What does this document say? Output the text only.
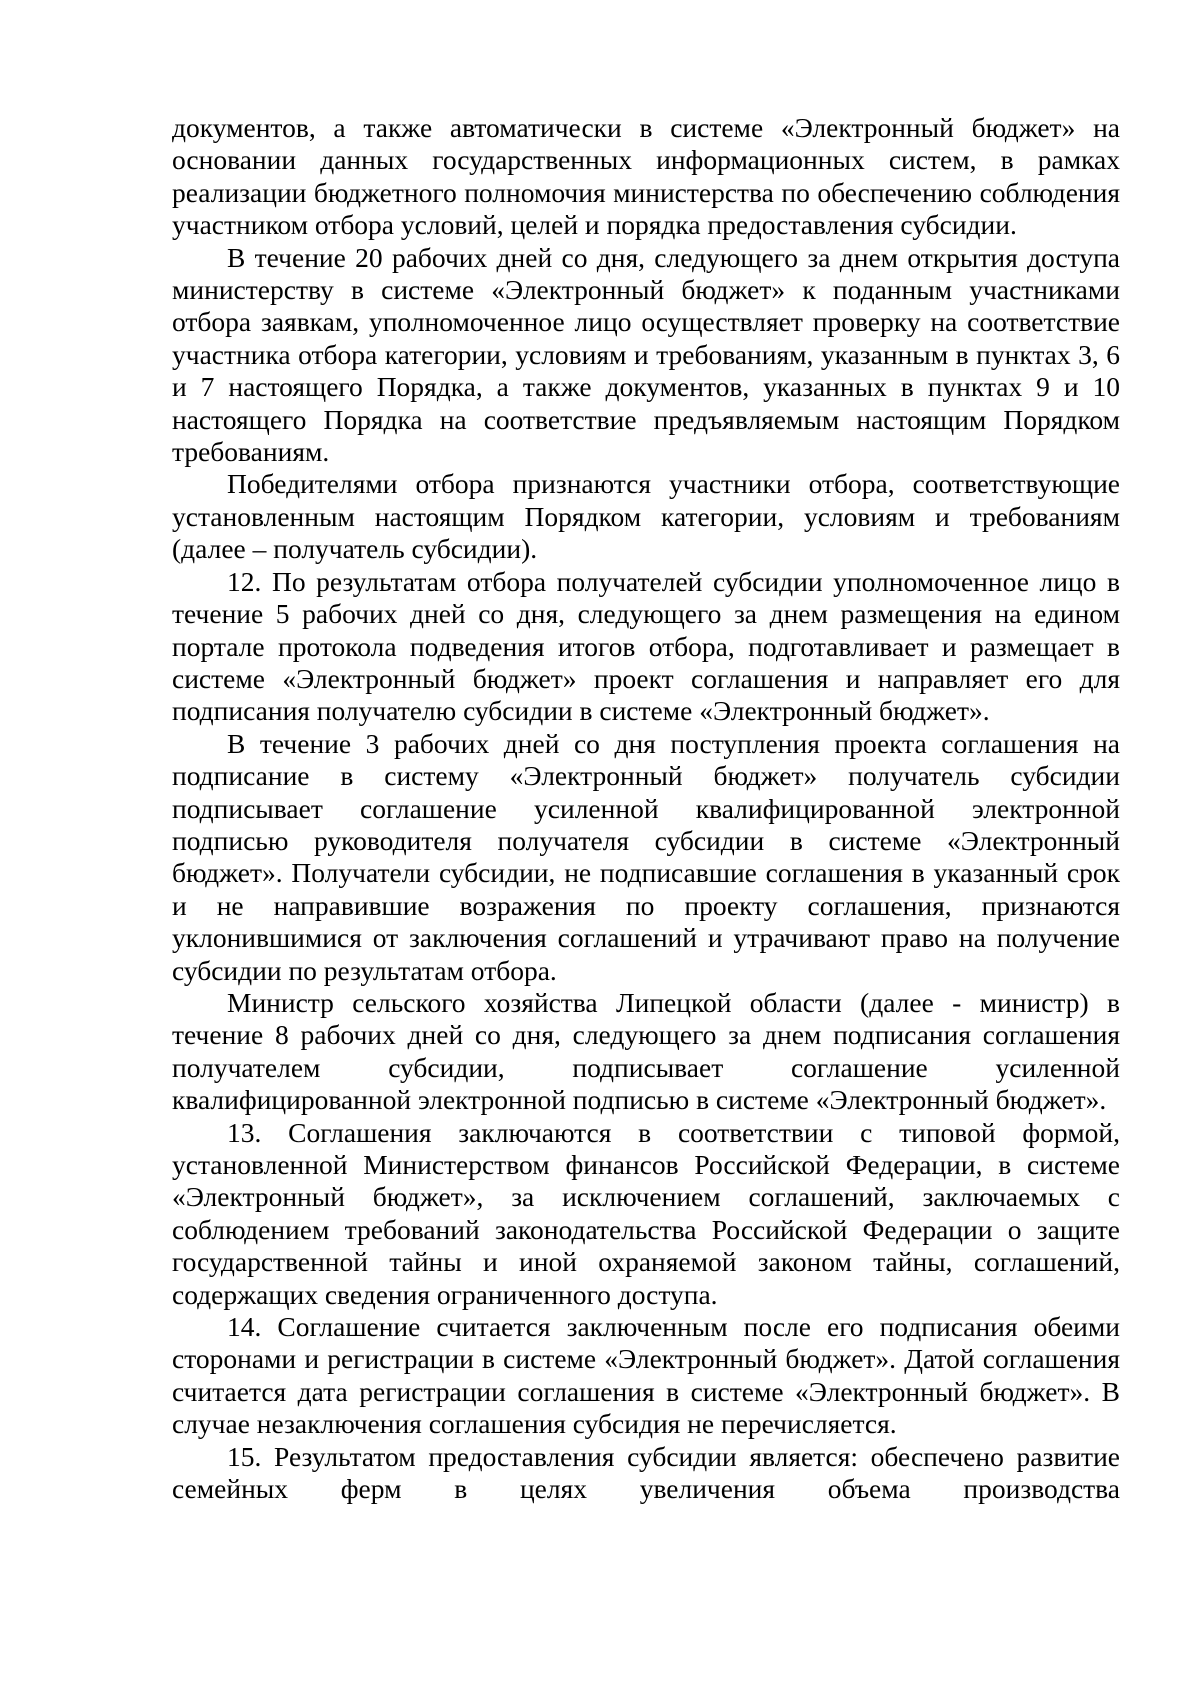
документов, а также автоматически в системе «Электронный бюджет» на основании данных государственных информационных систем, в рамках реализации бюджетного полномочия министерства по обеспечению соблюдения участником отбора условий, целей и порядка предоставления субсидии.

В течение 20 рабочих дней со дня, следующего за днем открытия доступа министерству в системе «Электронный бюджет» к поданным участниками отбора заявкам, уполномоченное лицо осуществляет проверку на соответствие участника отбора категории, условиям и требованиям, указанным в пунктах 3, 6 и 7 настоящего Порядка, а также документов, указанных в пунктах 9 и 10 настоящего Порядка на соответствие предъявляемым настоящим Порядком требованиям.

Победителями отбора признаются участники отбора, соответствующие установленным настоящим Порядком категории, условиям и требованиям (далее – получатель субсидии).

12. По результатам отбора получателей субсидии уполномоченное лицо в течение 5 рабочих дней со дня, следующего за днем размещения на едином портале протокола подведения итогов отбора, подготавливает и размещает в системе «Электронный бюджет» проект соглашения и направляет его для подписания получателю субсидии в системе «Электронный бюджет».

В течение 3 рабочих дней со дня поступления проекта соглашения на подписание в систему «Электронный бюджет» получатель субсидии подписывает соглашение усиленной квалифицированной электронной подписью руководителя получателя субсидии в системе «Электронный бюджет». Получатели субсидии, не подписавшие соглашения в указанный срок и не направившие возражения по проекту соглашения, признаются уклонившимися от заключения соглашений и утрачивают право на получение субсидии по результатам отбора.

Министр сельского хозяйства Липецкой области (далее - министр) в течение 8 рабочих дней со дня, следующего за днем подписания соглашения получателем субсидии, подписывает соглашение усиленной квалифицированной электронной подписью в системе «Электронный бюджет».

13. Соглашения заключаются в соответствии с типовой формой, установленной Министерством финансов Российской Федерации, в системе «Электронный бюджет», за исключением соглашений, заключаемых с соблюдением требований законодательства Российской Федерации о защите государственной тайны и иной охраняемой законом тайны, соглашений, содержащих сведения ограниченного доступа.

14. Соглашение считается заключенным после его подписания обеими сторонами и регистрации в системе «Электронный бюджет». Датой соглашения считается дата регистрации соглашения в системе «Электронный бюджет». В случае незаключения соглашения субсидия не перечисляется.

15. Результатом предоставления субсидии является: обеспечено развитие семейных ферм в целях увеличения объема производства
